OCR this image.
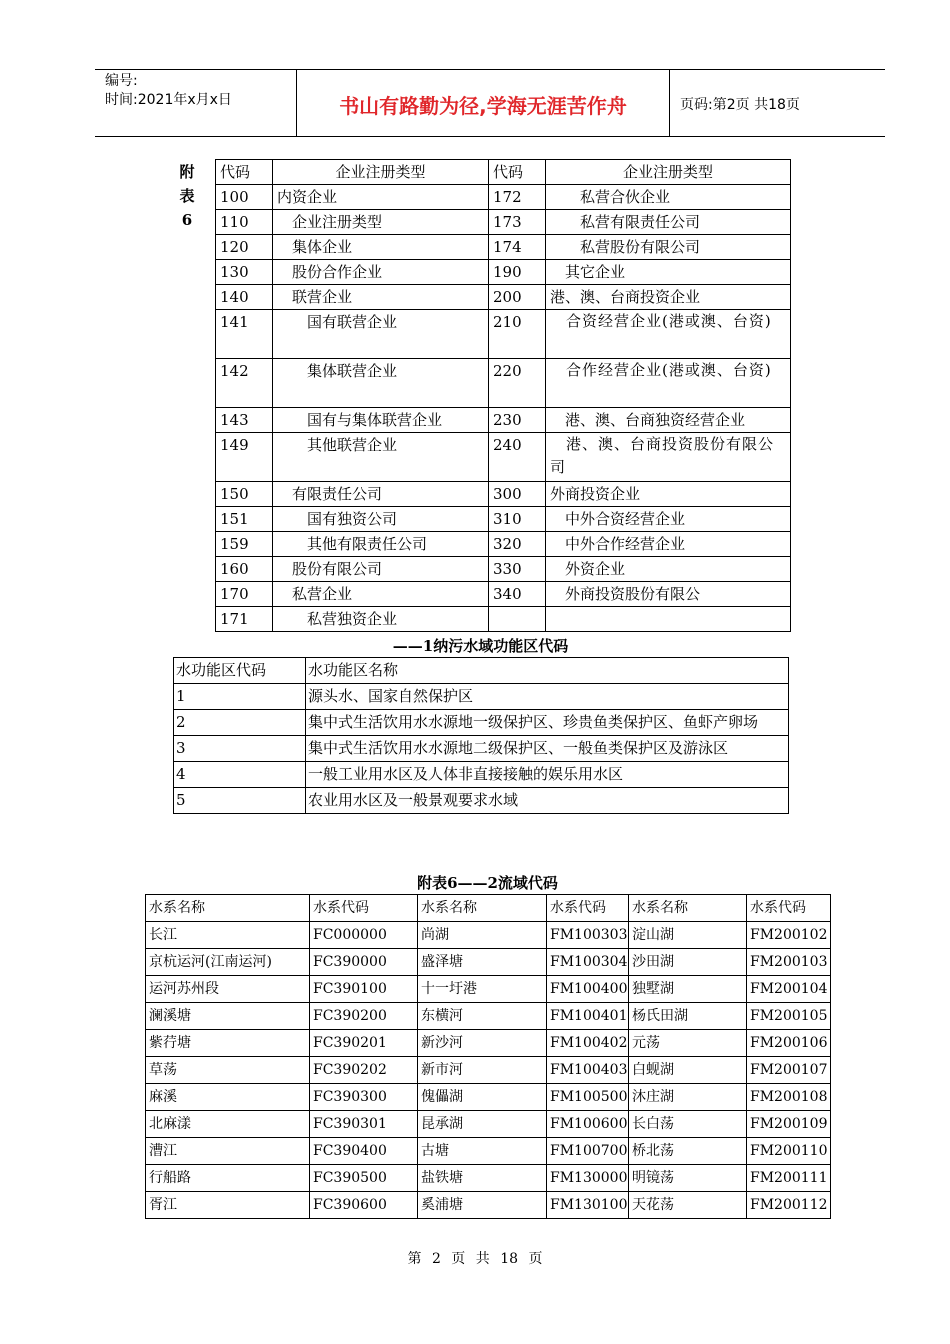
编号:
时间:2021年x月x日	书山有路勤为径,学海无涯苦作舟	页码:第2页 共18页
附
表
6
代码	企业注册类型	代码	企业注册类型
100	内资企业	172	　　私营合伙企业
110	　企业注册类型	173	　　私营有限责任公司
120	　集体企业	174	　　私营股份有限公司
130	　股份合作企业	190	　其它企业
140	　联营企业	200	港、澳、台商投资企业
141	　　国有联营企业	210	　合资经营企业(港或澳、台资)
142	　　集体联营企业	220	　合作经营企业(港或澳、台资)
143	　　国有与集体联营企业	230	　港、澳、台商独资经营企业
149	　　其他联营企业	240	　港、澳、台商投资股份有限公司
150	　有限责任公司	300	外商投资企业
151	　　国有独资公司	310	　中外合资经营企业
159	　　其他有限责任公司	320	　中外合作经营企业
160	　股份有限公司	330	　外资企业
170	　私营企业	340	　外商投资股份有限公
171	　　私营独资企业		
——1纳污水域功能区代码
水功能区代码	水功能区名称
1	源头水、国家自然保护区
2	集中式生活饮用水水源地一级保护区、珍贵鱼类保护区、鱼虾产卵场
3	集中式生活饮用水水源地二级保护区、一般鱼类保护区及游泳区
4	一般工业用水区及人体非直接接触的娱乐用水区
5	农业用水区及一般景观要求水域
附表6——2流域代码
水系名称	水系代码	水系名称	水系代码	水系名称	水系代码
长江	FC000000	尚湖	FM100303	淀山湖	FM200102
京杭运河(江南运河)	FC390000	盛泽塘	FM100304	沙田湖	FM200103
运河苏州段	FC390100	十一圩港	FM100400	独墅湖	FM200104
澜溪塘	FC390200	东横河	FM100401	杨氏田湖	FM200105
紫荇塘	FC390201	新沙河	FM100402	元荡	FM200106
草荡	FC390202	新市河	FM100403	白蚬湖	FM200107
麻溪	FC390300	傀儡湖	FM100500	沐庄湖	FM200108
北麻漾	FC390301	昆承湖	FM100600	长白荡	FM200109
漕江	FC390400	古塘	FM100700	桥北荡	FM200110
行船路	FC390500	盐铁塘	FM130000	明镜荡	FM200111
胥江	FC390600	奚浦塘	FM130100	天花荡	FM200112
第 2 页 共 18 页
